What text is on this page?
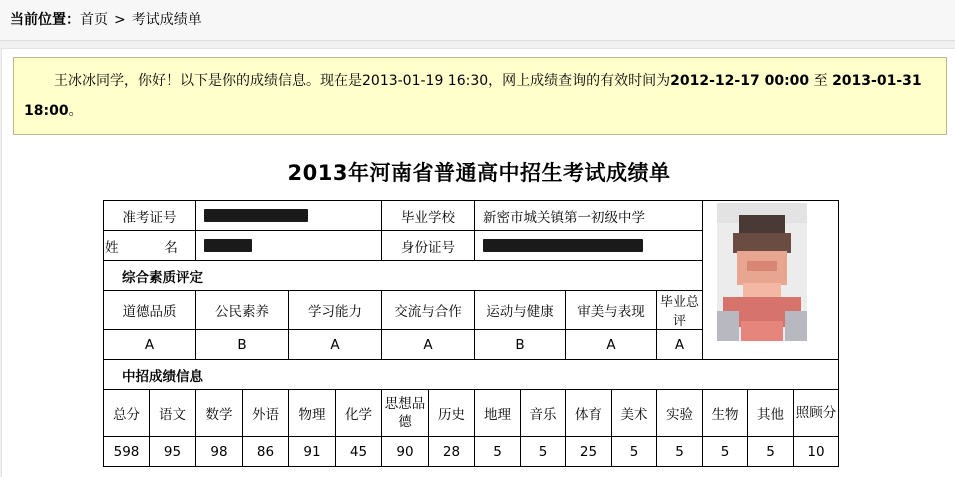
当前位置：首页 > 考试成绩单
王冰冰同学，你好！以下是你的成绩信息。现在是2013-01-19 16:30，网上成绩查询的有效时间为2012-12-17 00:00 至 2013-01-31 18:00。
2013年河南省普通高中招生考试成绩单
准考证号						毕业学校		新密市城关镇第一初级中学							

姓　名						身份证号									
综合素质评定															
道德品质		公民素养		学习能力		交流与合作		运动与健康		审美与表现		毕业总评			
A		B		A		A		B		A		A			
中招成绩信息															
总分	语文	数学	外语	物理	化学	思想品德	历史	地理	音乐	体育	美术	实验	生物	其他	照顾分
598	95	98	86	91	45	90	28	5	5	25	5	5	5	5	10
